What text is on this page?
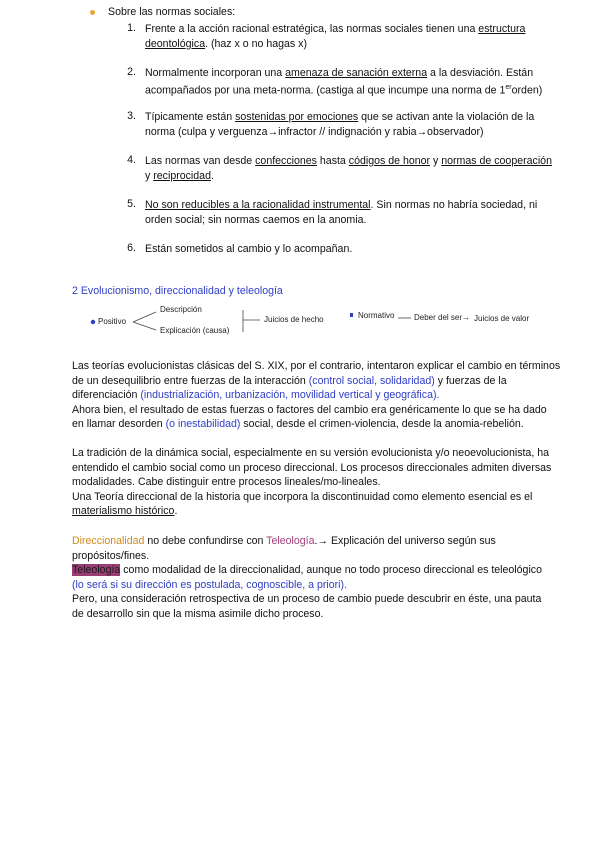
Sobre las normas sociales:
1. Frente a la acción racional estratégica, las normas sociales tienen una estructura
deontológica. (haz x o no hagas x)
2. Normalmente incorporan una amenaza de sanación externa a la desviación. Están
acompañados por una meta-norma. (castiga al que incumpe una norma de 1erorden)
3. Típicamente están sostenidas por emociones que se activan ante la violación de la
norma (culpa y verguenza→infractor // indignación y rabia→observador)
4. Las normas van desde confecciones hasta códigos de honor y normas de cooperación
y reciprocidad.
5. No son reducibles a la racionalidad instrumental. Sin normas no habría sociedad, ni
orden social; sin normas caemos en la anomia.
6. Están sometidos al cambio y lo acompañan.
2 Evolucionismo, direccionalidad y teleología
Positivo
Descripción
Explicación (causa)
Juicios de hecho	Normativo Deber del ser → Juicios de valor
Las teorías evolucionistas clásicas del S. XIX, por el contrario, intentaron explicar el cambio en términos
de un desequilibrio entre fuerzas de la interacción (control social, solidaridad) y fuerzas de la
diferenciación (industrialización, urbanización, movilidad vertical y geográfica).
Ahora bien, el resultado de estas fuerzas o factores del cambio era genéricamente lo que se ha dado
en llamar desorden (o inestabilidad) social, desde el crimen-violencia, desde la anomia-rebelión.
La tradición de la dinámica social, especialmente en su versión evolucionista y/o neoevolucionista, ha
entendido el cambio social como un proceso direccional. Los procesos direccionales admiten diversas
modalidades. Cabe distinguir entre procesos lineales/mo-lineales.
Una Teoría direccional de la historia que incorpora la discontinuidad como elemento esencial es el
materialismo histórico.
Direccionalidad no debe confundirse con Teleología.→ Explicación del universo según sus
propósitos/fines.
Teleología como modalidad de la direccionalidad, aunque no todo proceso direccional es teleológico
(lo será si su dirección es postulada, cognoscible, a priori).
Pero, una consideración retrospectiva de un proceso de cambio puede descubrir en éste, una pauta
de desarrollo sin que la misma asimile dicho proceso.
